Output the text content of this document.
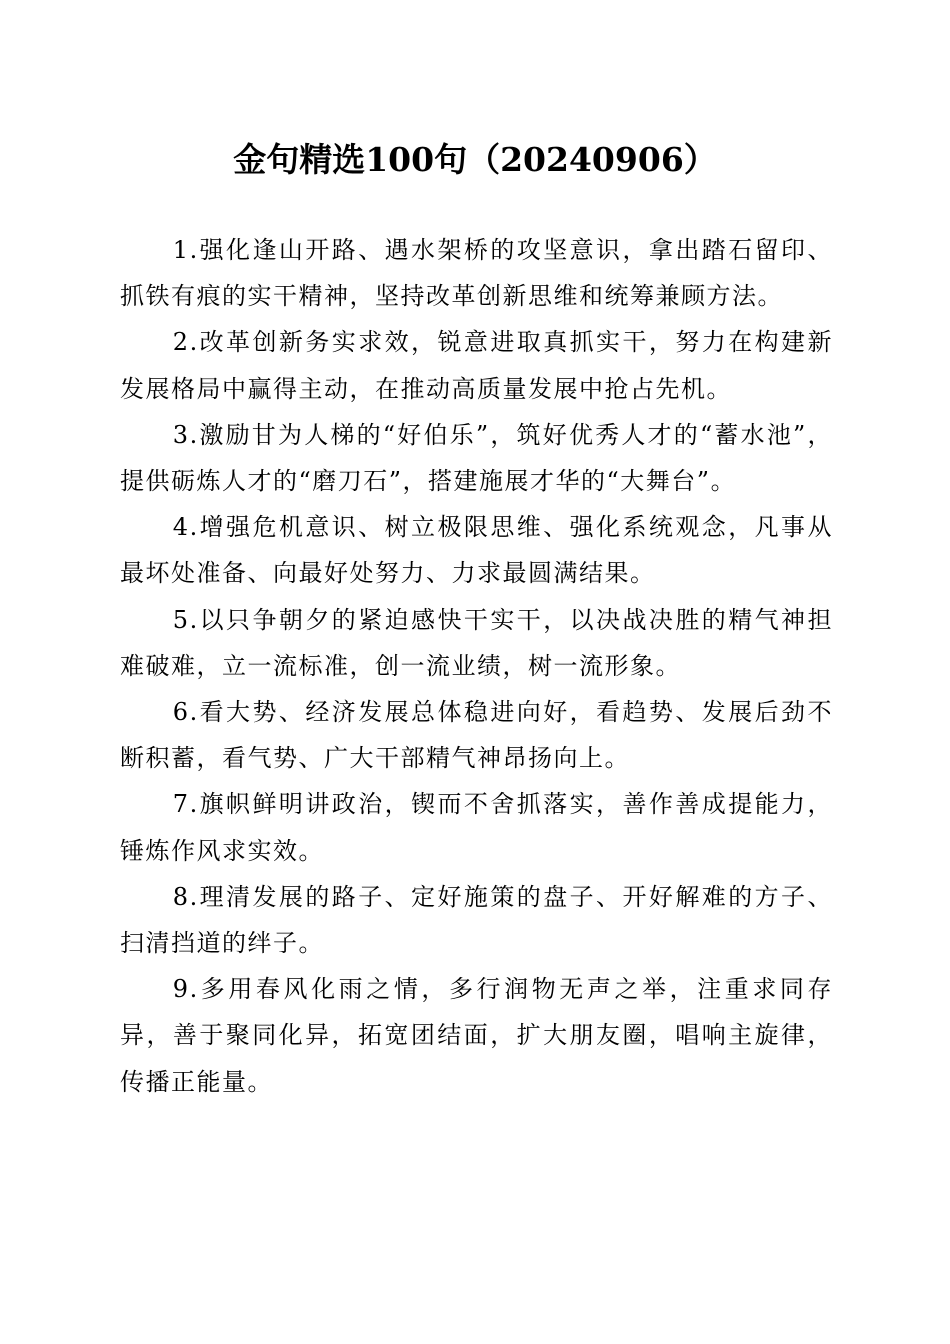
金句精选100句（20240906）

1.强化逢山开路、遇水架桥的攻坚意识，拿出踏石留印、抓铁有痕的实干精神，坚持改革创新思维和统筹兼顾方法。

2.改革创新务实求效，锐意进取真抓实干，努力在构建新发展格局中赢得主动，在推动高质量发展中抢占先机。

3.激励甘为人梯的“好伯乐”，筑好优秀人才的“蓄水池”，提供砺炼人才的“磨刀石”，搭建施展才华的“大舞台”。

4.增强危机意识、树立极限思维、强化系统观念，凡事从最坏处准备、向最好处努力、力求最圆满结果。

5.以只争朝夕的紧迫感快干实干，以决战决胜的精气神担难破难，立一流标准，创一流业绩，树一流形象。

6.看大势、经济发展总体稳进向好，看趋势、发展后劲不断积蓄，看气势、广大干部精气神昂扬向上。

7.旗帜鲜明讲政治，锲而不舍抓落实，善作善成提能力，锤炼作风求实效。

8.理清发展的路子、定好施策的盘子、开好解难的方子、扫清挡道的绊子。

9.多用春风化雨之情，多行润物无声之举，注重求同存异，善于聚同化异，拓宽团结面，扩大朋友圈，唱响主旋律，传播正能量。
